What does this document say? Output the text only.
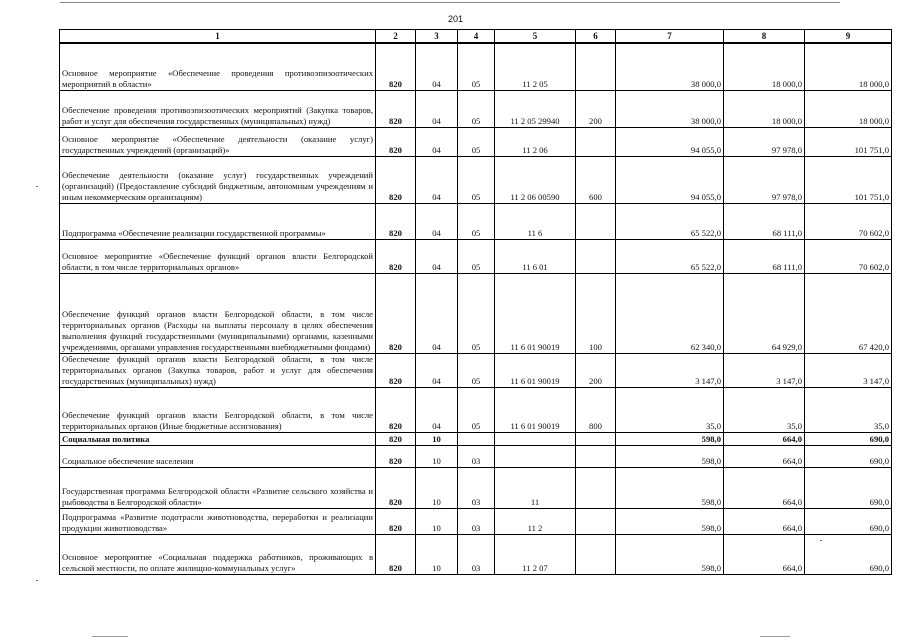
201
1	2	3	4	5	6	7	8	9
Основное мероприятие «Обеспечение проведения противоэпизоотических мероприятий в области»	820	04	05	11 2 05		38 000,0	18 000,0	18 000,0
Обеспечение проведения противоэпизоотических мероприятий (Закупка товаров, работ и услуг для обеспечения государственных (муниципальных) нужд)	820	04	05	11 2 05 29940	200	38 000,0	18 000,0	18 000,0
Основное мероприятие «Обеспечение деятельности (оказание услуг) государственных учреждений (организаций)»	820	04	05	11 2 06		94 055,0	97 978,0	101 751,0
Обеспечение деятельности (оказание услуг) государственных учреждений (организаций) (Предоставление субсидий бюджетным, автономным учреждениям и иным некоммерческим организациям)	820	04	05	11 2 06 00590	600	94 055,0	97 978,0	101 751,0
Подпрограмма «Обеспечение реализации государственной программы»	820	04	05	11 6		65 522,0	68 111,0	70 602,0
Основное мероприятие «Обеспечение функций органов власти Белгородской области, в том числе территориальных органов»	820	04	05	11 6 01		65 522,0	68 111,0	70 602,0
Обеспечение функций органов власти Белгородской области, в том числе территориальных органов (Расходы на выплаты персоналу в целях обеспечения выполнения функций государственными (муниципальными) органами, казенными учреждениями, органами управления государственными внебюджетными фондами)	820	04	05	11 6 01 90019	100	62 340,0	64 929,0	67 420,0
Обеспечение функций органов власти Белгородской области, в том числе территориальных органов (Закупка товаров, работ и услуг для обеспечения государственных (муниципальных) нужд)	820	04	05	11 6 01 90019	200	3 147,0	3 147,0	3 147,0
Обеспечение функций органов власти Белгородской области, в том числе территориальных органов (Иные бюджетные ассигнования)	820	04	05	11 6 01 90019	800	35,0	35,0	35,0
Социальная политика	820	10				598,0	664,0	690,0
Социальное обеспечение населения	820	10	03			598,0	664,0	690,0
Государственная программа Белгородской области «Развитие сельского хозяйства и рыбоводства в Белгородской области»	820	10	03	11		598,0	664,0	690,0
Подпрограмма «Развитие подотрасли животноводства, переработки и реализации продукции животноводства»	820	10	03	11 2		598,0	664,0	690,0
Основное мероприятие «Социальная поддержка работников, проживающих в сельской местности, по оплате жилищно-коммунальных услуг»	820	10	03	11 2 07		598,0	664,0	690,0
